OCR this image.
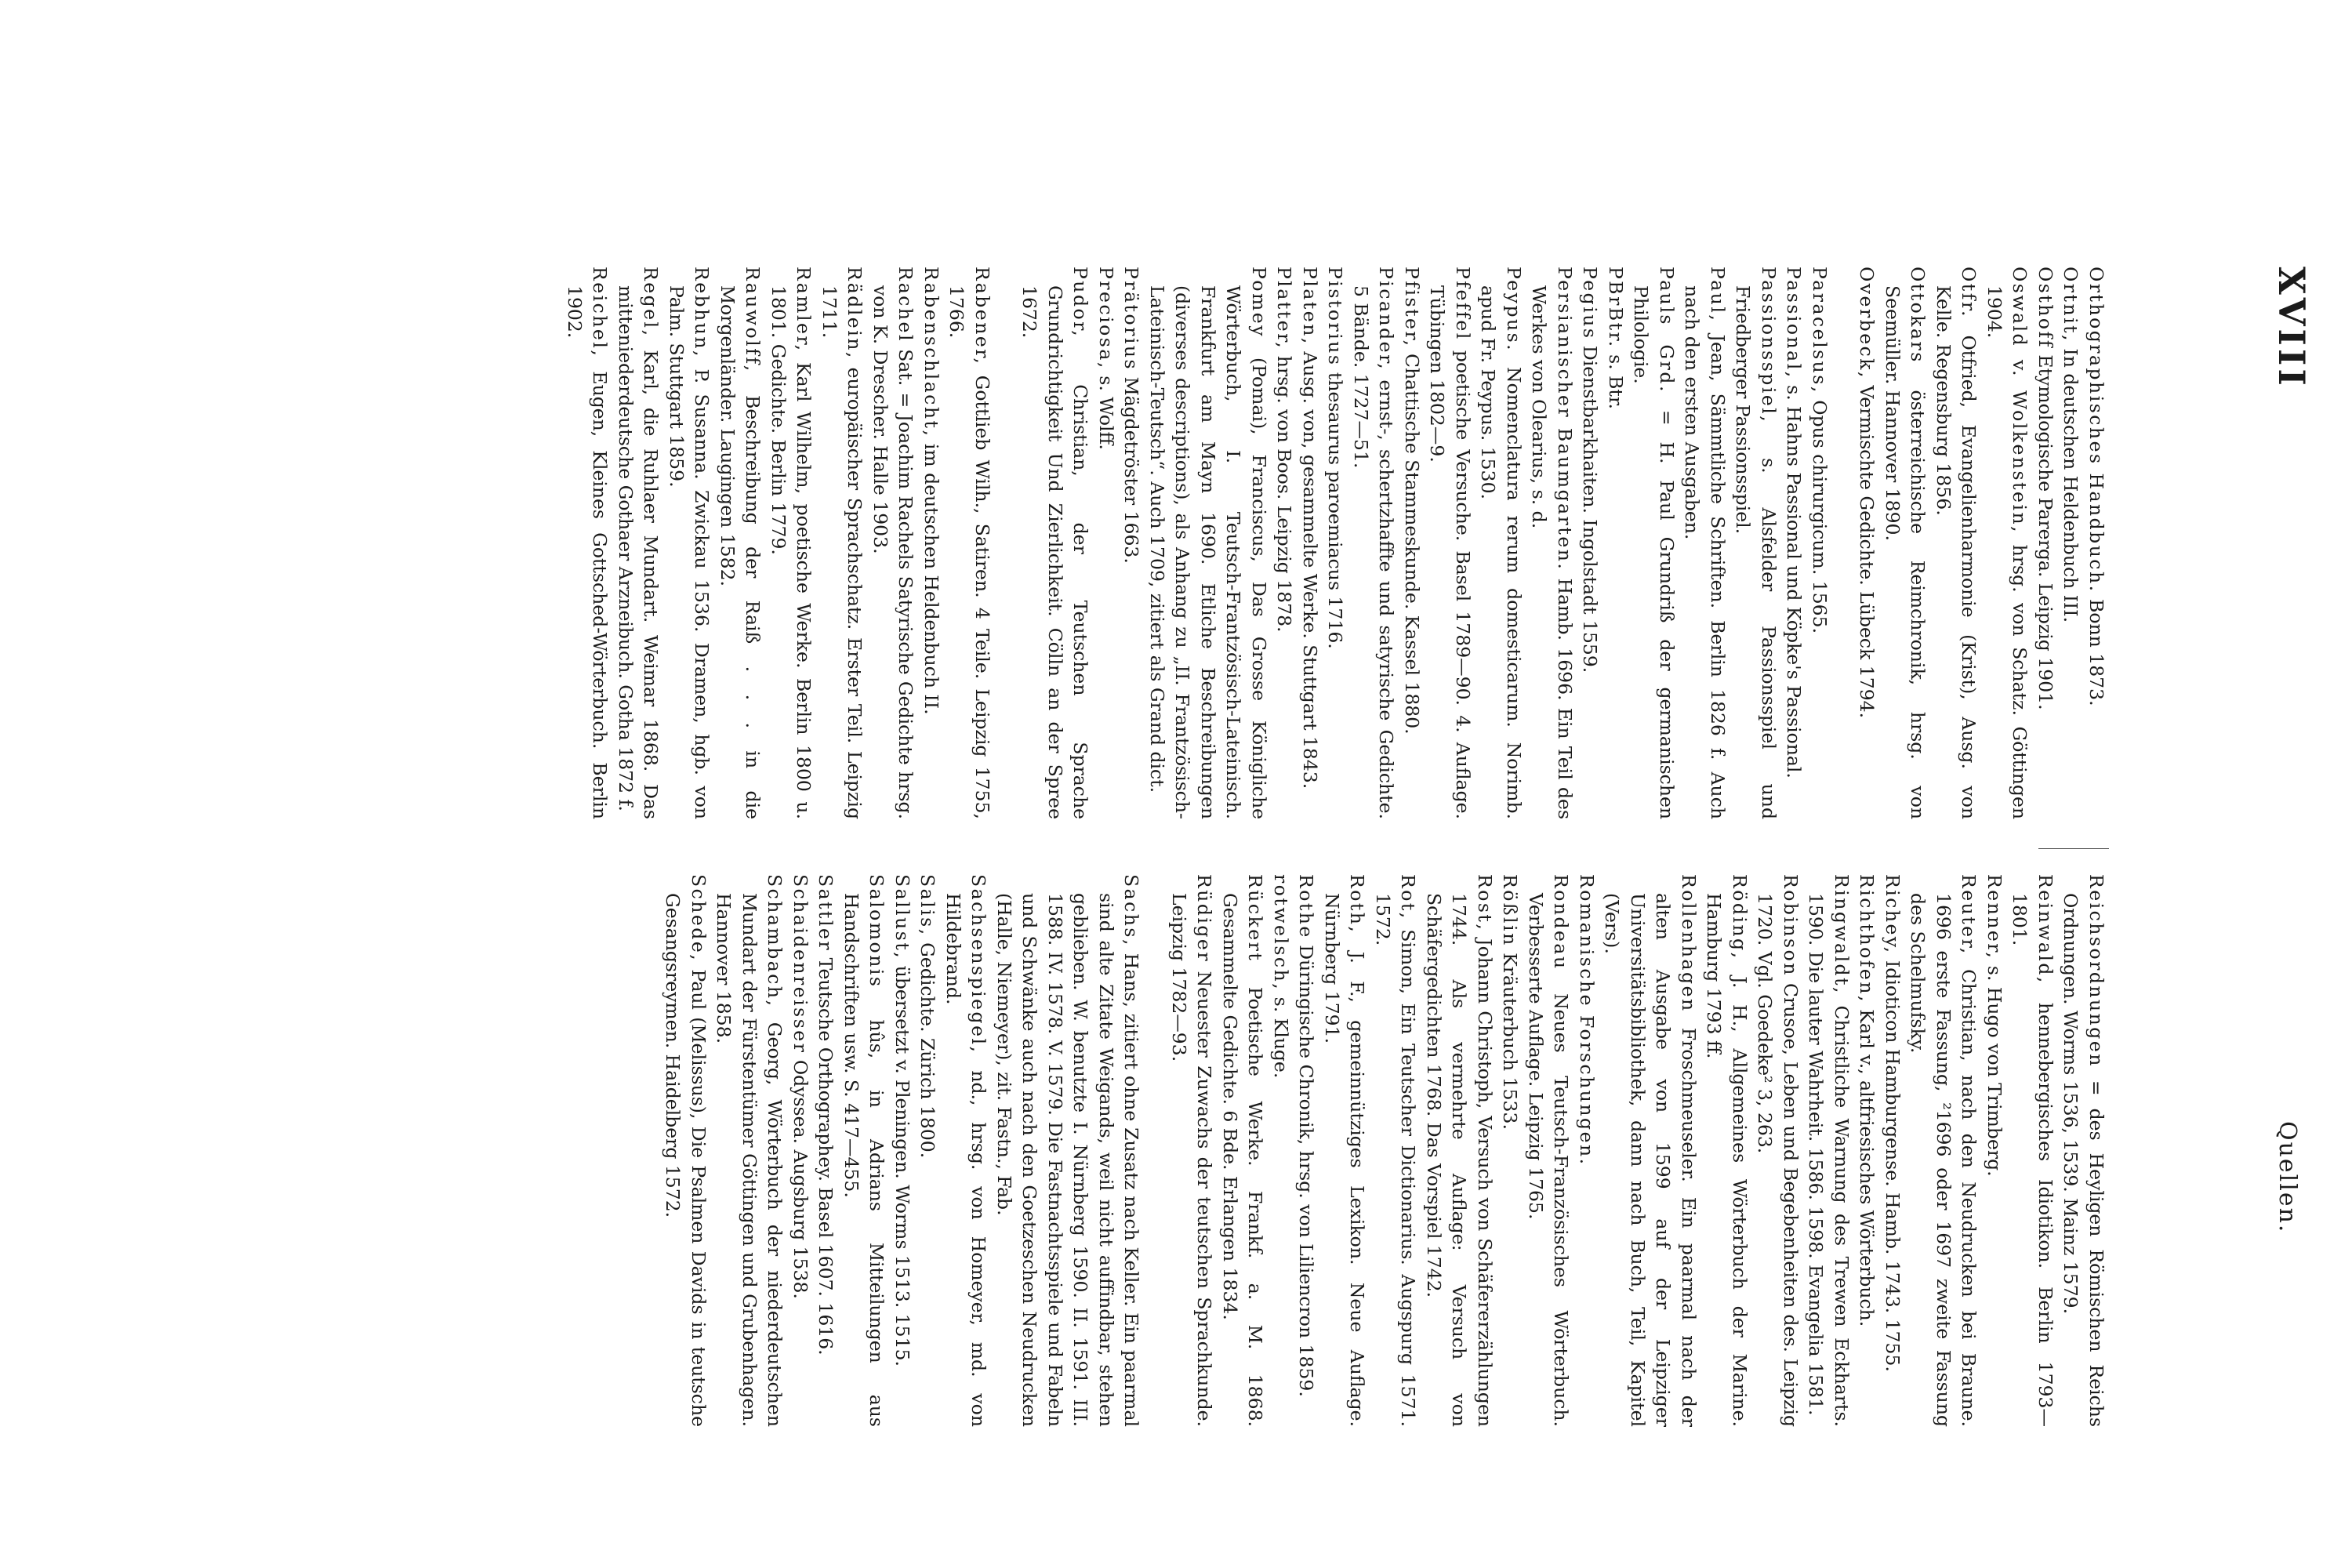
XVIII
Quellen.

Orthographisches Handbuch. Bonn 1873.

Ortnit, In deutschen Heldenbuch III.

Osthoff Etymologische Parerga. Leipzig 1901.

Oswald v. Wolkenstein, hrsg. von Schatz. Göttingen 1904.

Otfr. Otfried, Evangelienharmonie (Krist), Ausg. von Kelle. Regensburg 1856.

Ottokars österreichische Reimchronik, hrsg. von Seemüller. Hannover 1890.

Overbeck, Vermischte Gedichte. Lübeck 1794.

Paracelsus, Opus chirurgicum. 1565.

Passional, s. Hahns Passional und Köpke's Passional.

Passionsspiel, s. Alsfelder Passionsspiel und Friedberger Passionsspiel.

Paul, Jean, Sämmtliche Schriften. Berlin 1826 f. Auch nach den ersten Ausgaben.

Pauls Grd. = H. Paul Grundriß der germanischen Philologie.

PBrBtr. s. Btr.

Pegius Dienstbarkhaiten. Ingolstadt 1559.

Persianischer Baumgarten. Hamb. 1696. Ein Teil des Werkes von Olearius, s. d.

Peypus. Nomenclatura rerum domesticarum. Norimb. apud Fr. Peypus. 1530.

Pfeffel poetische Versuche. Basel 1789—90. 4. Auflage. Tübingen 1802—9.

Pfister, Chattische Stammeskunde. Kassel 1880.

Picander, ernst-, schertzhaffte und satyrische Gedichte. 5 Bände. 1727—51.

Pistorius thesaurus paroemiacus 1716.

Platen, Ausg. von, gesammelte Werke. Stuttgart 1843.

Platter, hrsg. von Boos. Leipzig 1878.

Pomey (Pomai), Franciscus, Das Grosse Königliche Wörterbuch, I. Teutsch-Frantzösisch-Lateinisch. Frankfurt am Mayn 1690. Etliche Beschreibungen (diverses descriptions), als Anhang zu „II. Frantzösisch-Lateinisch-Teutsch“. Auch 1709, zitiert als Grand dict.

Prätorius Mägdetröster 1663.

Preciosa, s. Wolff.

Pudor, Christian, der Teutschen Sprache Grundrichtigkeit Und Zierlichkeit. Cölln an der Spree 1672.

Rabener, Gottlieb Wilh., Satiren. 4 Teile. Leipzig 1755, 1766.

Rabenschlacht, im deutschen Heldenbuch II.

Rachel Sat. = Joachim Rachels Satyrische Gedichte hrsg. von K. Drescher. Halle 1903.

Rädlein, europäischer Sprachschatz. Erster Teil. Leipzig 1711.

Ramler, Karl Wilhelm, poetische Werke. Berlin 1800 u. 1801. Gedichte. Berlin 1779.

Rauwolff, Beschreibung der Raiß . . . in die Morgenländer. Laugingen 1582.

Rebhun, P. Susanna. Zwickau 1536. Dramen, hgb. von Palm. Stuttgart 1859.

Regel, Karl, die Ruhlaer Mundart. Weimar 1868. Das mitteniederdeutsche Gothaer Arzneibuch. Gotha 1872 f.

Reichel, Eugen, Kleines Gottsched-Wörterbuch. Berlin 1902.

Reichsordnungen = des Heyligen Römischen Reichs Ordnungen. Worms 1536, 1539. Mainz 1579.

Reinwald, hennebergisches Idiotikon. Berlin 1793—1801.

Renner, s. Hugo von Trimberg.

Reuter, Christian, nach den Neudrucken bei Braune. 1696 erste Fassung, ²1696 oder 1697 zweite Fassung des Schelmufsky.

Richey, Idioticon Hamburgense. Hamb. 1743. 1755.

Richthofen, Karl v., altfriesisches Wörterbuch.

Ringwaldt, Christliche Warnung des Trewen Eckharts. 1590. Die lauter Wahrheit. 1586. 1598. Evangelia 1581.

Robinson Crusoe, Leben und Begebenheiten des. Leipzig 1720. Vgl. Goedeke² 3, 263.

Röding, J. H., Allgemeines Wörterbuch der Marine. Hamburg 1793 ff.

Rollenhagen Froschmeuseler. Ein paarmal nach der alten Ausgabe von 1599 auf der Leipziger Universitätsbibliothek, dann nach Buch, Teil, Kapitel (Vers).

Romanische Forschungen.

Rondeau Neues Teutsch-Französisches Wörterbuch. Verbesserte Auflage. Leipzig 1765.

Rößlin Kräuterbuch 1533.

Rost, Johann Christoph, Versuch von Schäfererzählungen 1744. Als vermehrte Auflage: Versuch von Schäfergedichten 1768. Das Vorspiel 1742.

Rot, Simon, Ein Teutscher Dictionarius. Augspurg 1571. 1572.

Roth, J. F., gemeinnütziges Lexikon. Neue Auflage. Nürnberg 1791.

Rothe Düringische Chronik, hrsg. von Liliencron 1859.

rotwelsch, s. Kluge.

Rückert Poetische Werke. Frankf. a. M. 1868. Gesammelte Gedichte. 6 Bde. Erlangen 1834.

Rüdiger Neuester Zuwachs der teutschen Sprachkunde. Leipzig 1782—93.

Sachs, Hans, zitiert ohne Zusatz nach Keller. Ein paarmal sind alte Zitate Weigands, weil nicht auffindbar, stehen geblieben. W. benutzte I. Nürnberg 1590. II. 1591. III. 1588. IV. 1578. V. 1579. Die Fastnachtsspiele und Fabeln und Schwänke auch nach den Goetzeschen Neudrucken (Halle, Niemeyer), zit. Fastn., Fab.

Sachsenspiegel, nd., hrsg. von Homeyer, md. von Hildebrand.

Salis, Gedichte. Zürich 1800.

Sallust, übersetzt v. Pleningen. Worms 1513. 1515.

Salomonis hûs, in Adrians Mitteilungen aus Handschriften usw. S. 417—455.

Sattler Teutsche Orthographey. Basel 1607. 1616.

Schaidenreisser Odyssea. Augsburg 1538.

Schambach, Georg, Wörterbuch der niederdeutschen Mundart der Fürstentümer Göttingen und Grubenhagen. Hannover 1858.

Schede, Paul (Melissus), Die Psalmen Davids in teutsche Gesangsreymen. Haidelberg 1572.
